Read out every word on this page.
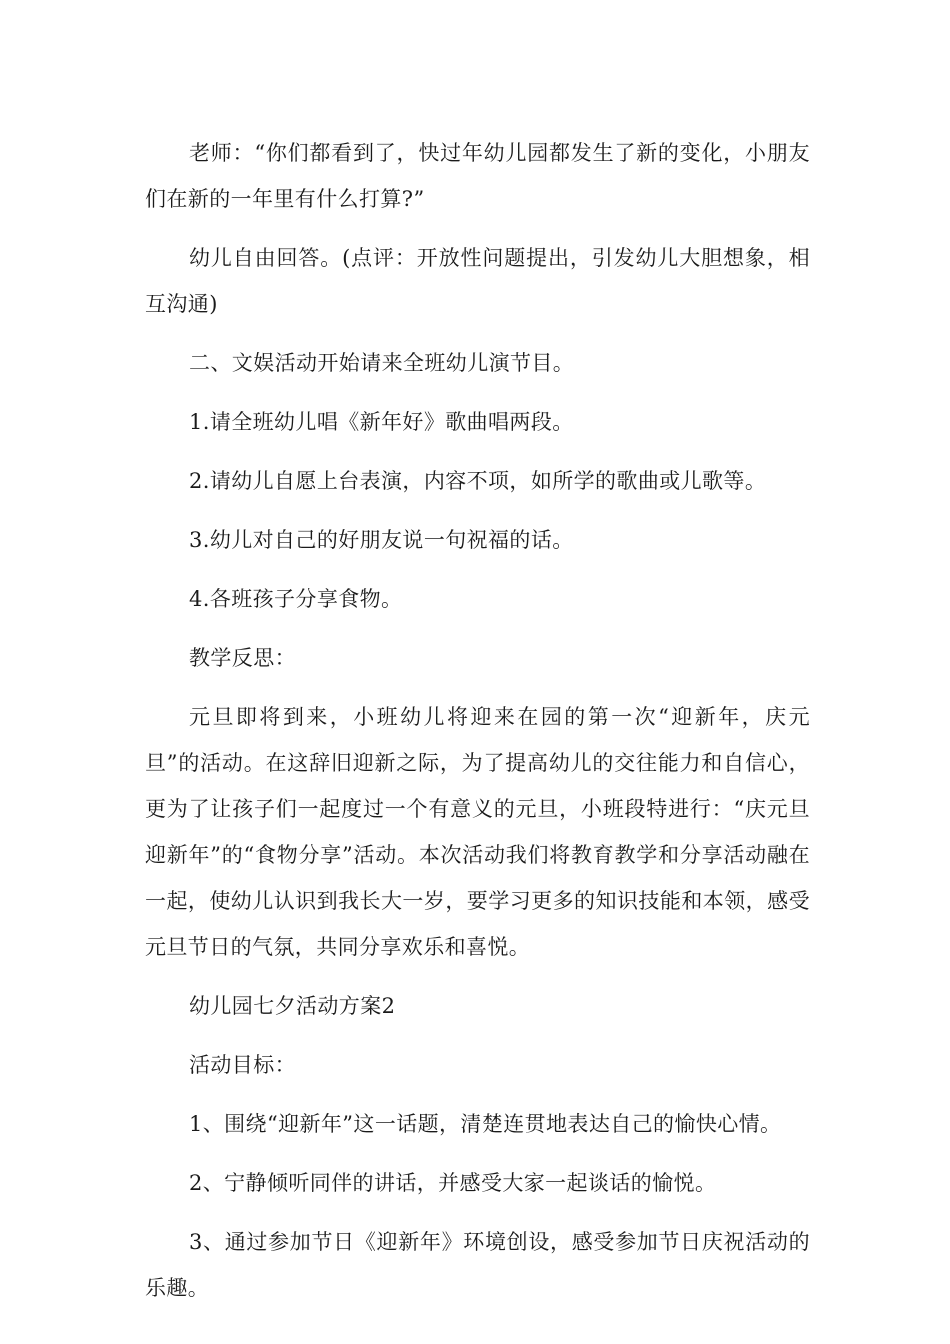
老师：“你们都看到了，快过年幼儿园都发生了新的变化，小朋友们在新的一年里有什么打算?”

幼儿自由回答。(点评：开放性问题提出，引发幼儿大胆想象，相互沟通)

二、文娱活动开始请来全班幼儿演节目。

1.请全班幼儿唱《新年好》歌曲唱两段。

2.请幼儿自愿上台表演，内容不项，如所学的歌曲或儿歌等。

3.幼儿对自己的好朋友说一句祝福的话。

4.各班孩子分享食物。

教学反思：

元旦即将到来，小班幼儿将迎来在园的第一次“迎新年，庆元旦”的活动。在这辞旧迎新之际，为了提高幼儿的交往能力和自信心，更为了让孩子们一起度过一个有意义的元旦，小班段特进行：“庆元旦迎新年”的“食物分享”活动。本次活动我们将教育教学和分享活动融在一起，使幼儿认识到我长大一岁，要学习更多的知识技能和本领，感受元旦节日的气氛，共同分享欢乐和喜悦。

幼儿园七夕活动方案2

活动目标：

1、围绕“迎新年”这一话题，清楚连贯地表达自己的愉快心情。

2、宁静倾听同伴的讲话，并感受大家一起谈话的愉悦。

3、通过参加节日《迎新年》环境创设，感受参加节日庆祝活动的乐趣。
